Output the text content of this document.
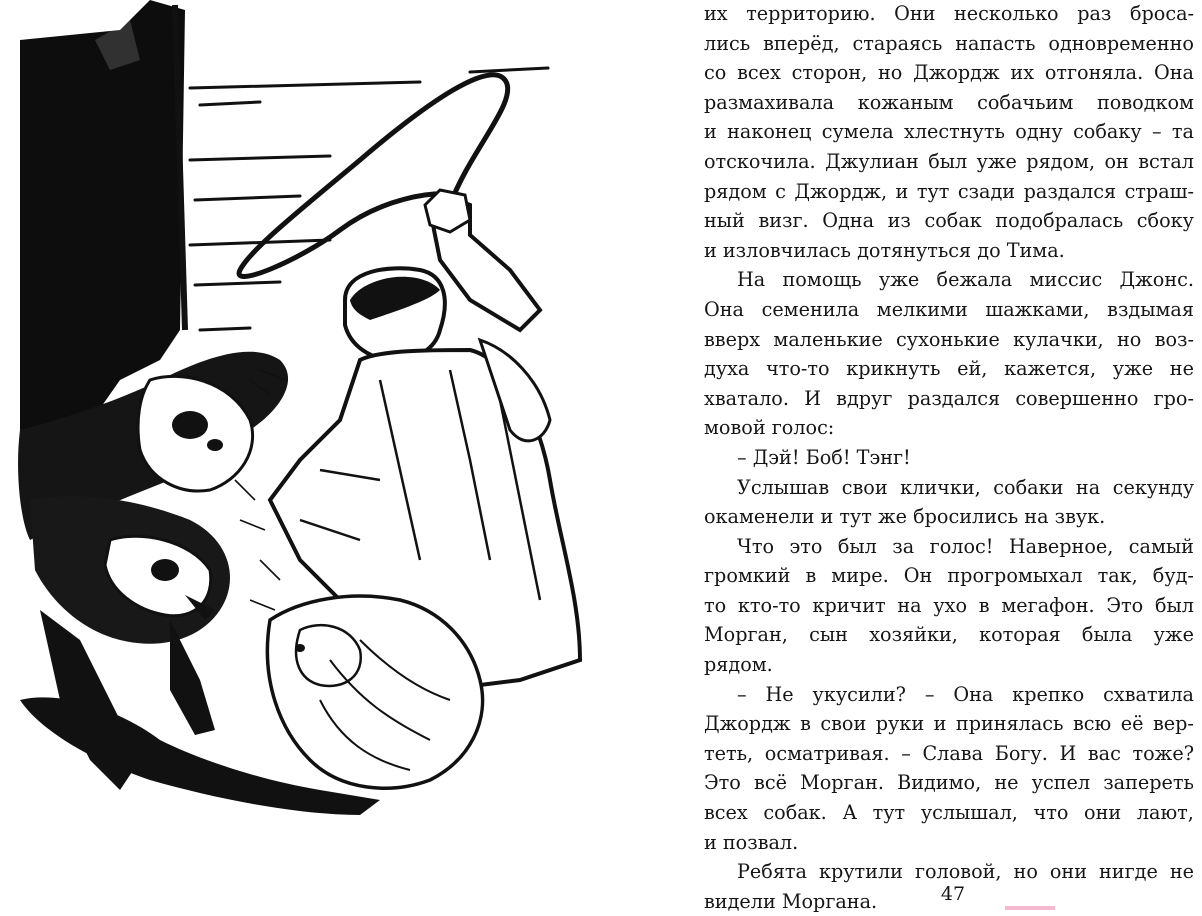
их территорию. Они несколько раз броса-
лись вперёд, стараясь напасть одновременно
со всех сторон, но Джордж их отгоняла. Она
размахивала кожаным собачьим поводком
и наконец сумела хлестнуть одну собаку – та
отскочила. Джулиан был уже рядом, он встал
рядом с Джордж, и тут сзади раздался страш-
ный визг. Одна из собак подобралась сбоку
и изловчилась дотянуться до Тима.
На помощь уже бежала миссис Джонс.
Она семенила мелкими шажками, вздымая
вверх маленькие сухонькие кулачки, но воз-
духа что-то крикнуть ей, кажется, уже не
хватало. И вдруг раздался совершенно гро-
мовой голос:
– Дэй! Боб! Тэнг!
Услышав свои клички, собаки на секунду
окаменели и тут же бросились на звук.
Что это был за голос! Наверное, самый
громкий в мире. Он прогромыхал так, буд-
то кто-то кричит на ухо в мегафон. Это был
Морган, сын хозяйки, которая была уже
рядом.
– Не укусили? – Она крепко схватила
Джордж в свои руки и принялась всю её вер-
теть, осматривая. – Слава Богу. И вас тоже?
Это всё Морган. Видимо, не успел запереть
всех собак. А тут услышал, что они лают,
и позвал.
Ребята крутили головой, но они нигде не
видели Моргана.	47
